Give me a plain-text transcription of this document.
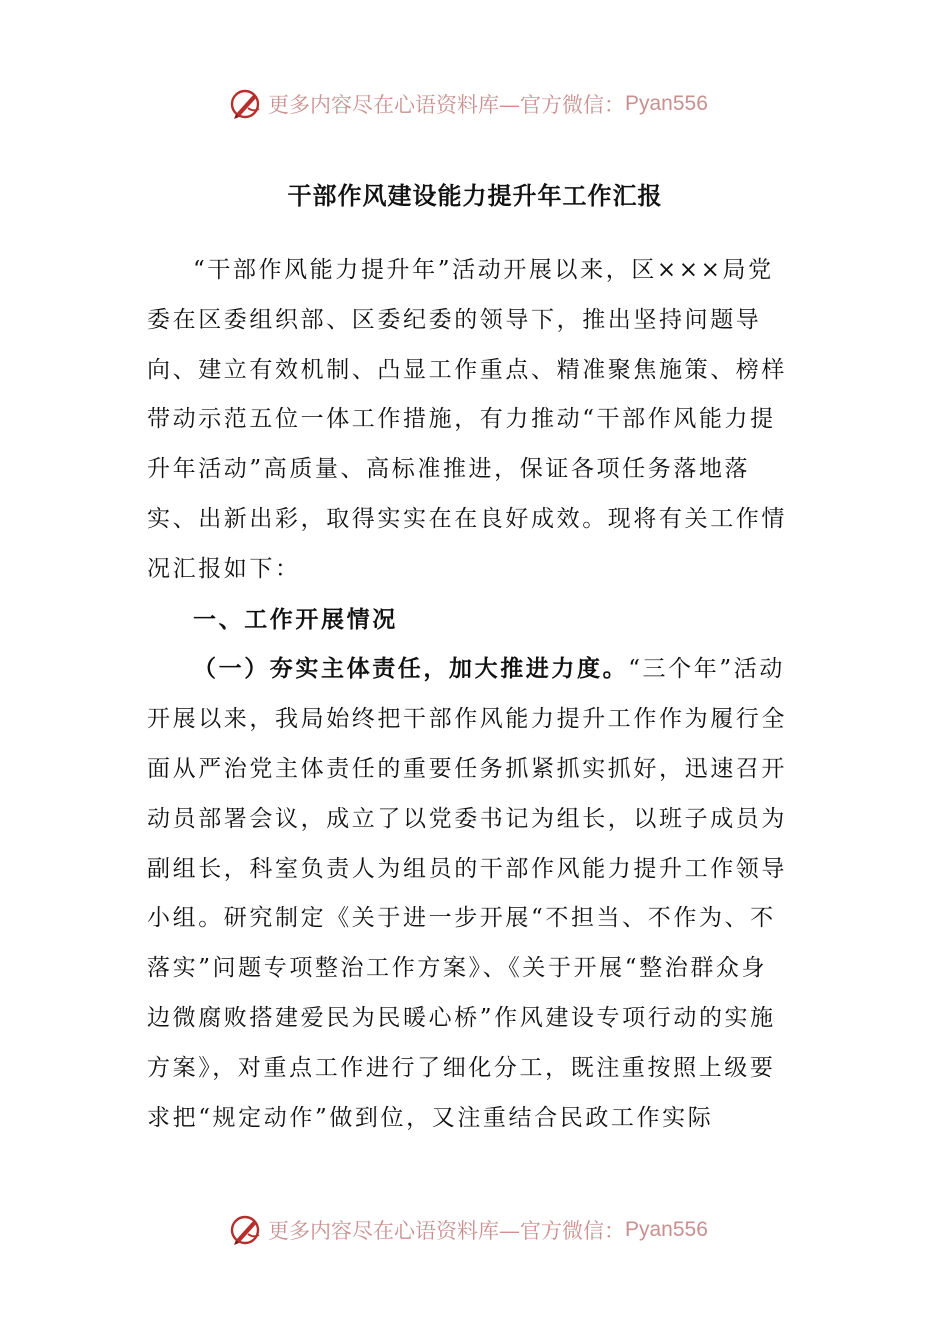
更多内容尽在心语资料库—官方微信： Pyan556
干部作风建设能力提升年工作汇报

“干部作风能力提升年”活动开展以来，区×××局党委在区委组织部、区委纪委的领导下，推出坚持问题导向、建立有效机制、凸显工作重点、精准聚焦施策、榜样带动示范五位一体工作措施，有力推动“干部作风能力提升年活动”高质量、高标准推进，保证各项任务落地落实、出新出彩，取得实实在在良好成效。现将有关工作情况汇报如下：

一、工作开展情况

（一）夯实主体责任，加大推进力度。“三个年”活动开展以来，我局始终把干部作风能力提升工作作为履行全面从严治党主体责任的重要任务抓紧抓实抓好，迅速召开动员部署会议，成立了以党委书记为组长，以班子成员为副组长，科室负责人为组员的干部作风能力提升工作领导小组。研究制定《关于进一步开展“不担当、不作为、不落实”问题专项整治工作方案》、《关于开展“整治群众身边微腐败搭建爱民为民暖心桥”作风建设专项行动的实施方案》，对重点工作进行了细化分工，既注重按照上级要求把“规定动作”做到位，又注重结合民政工作实际

更多内容尽在心语资料库—官方微信： Pyan556
